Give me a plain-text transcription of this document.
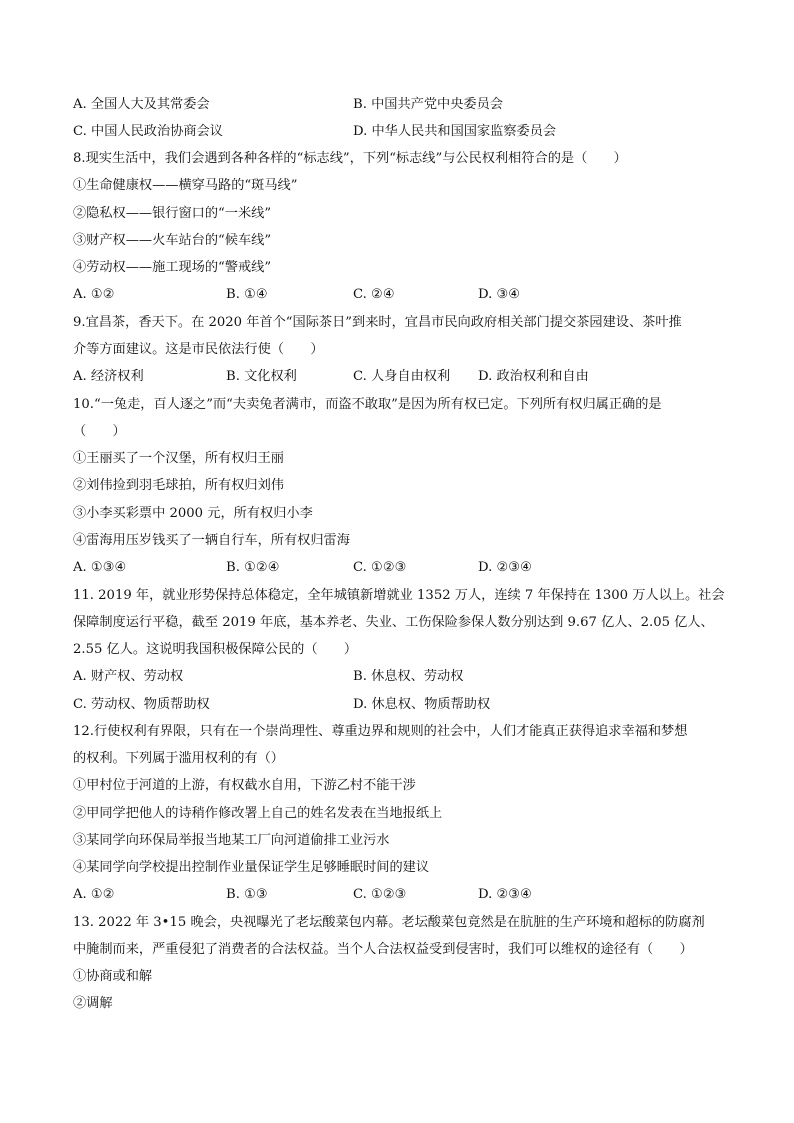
A. 全国人大及其常委会	B. 中国共产党中央委员会
C. 中国人民政治协商会议	D. 中华人民共和国国家监察委员会
8.现实生活中，我们会遇到各种各样的“标志线”，下列“标志线”与公民权利相符合的是（　　）
①生命健康权——横穿马路的“斑马线”
②隐私权——银行窗口的“一米线”
③财产权——火车站台的“候车线”
④劳动权——施工现场的“警戒线”
A. ①②	B. ①④	C. ②④	D. ③④
9.宜昌茶，香天下。在 2020 年首个“国际茶日”到来时，宜昌市民向政府相关部门提交茶园建设、茶叶推
介等方面建议。这是市民依法行使（　　）
A. 经济权利	B. 文化权利	C. 人身自由权利 D. 政治权利和自由
10.“一兔走，百人逐之”而“夫卖兔者满市，而盗不敢取”是因为所有权已定。下列所有权归属正确的是
（　　）
①王丽买了一个汉堡，所有权归王丽
②刘伟捡到羽毛球拍，所有权归刘伟
③小李买彩票中 2000 元，所有权归小李
④雷海用压岁钱买了一辆自行车，所有权归雷海
A. ①③④	B. ①②④	C. ①②③	D. ②③④
11. 2019 年，就业形势保持总体稳定，全年城镇新增就业 1352 万人，连续 7 年保持在 1300 万人以上。社会
保障制度运行平稳，截至 2019 年底，基本养老、失业、工伤保险参保人数分别达到 9.67 亿人、2.05 亿人、
2.55 亿人。这说明我国积极保障公民的（　　）
A. 财产权、劳动权	B. 休息权、劳动权
C. 劳动权、物质帮助权	D. 休息权、物质帮助权
12.行使权利有界限，只有在一个崇尚理性、尊重边界和规则的社会中，人们才能真正获得追求幸福和梦想
的权利。下列属于滥用权利的有（）
①甲村位于河道的上游，有权截水自用，下游乙村不能干涉
②甲同学把他人的诗稍作修改署上自己的姓名发表在当地报纸上
③某同学向环保局举报当地某工厂向河道偷排工业污水
④某同学向学校提出控制作业量保证学生足够睡眠时间的建议
A. ①②	B. ①③	C. ①②③	D. ②③④
13. 2022 年 3•15 晚会，央视曝光了老坛酸菜包内幕。老坛酸菜包竟然是在肮脏的生产环境和超标的防腐剂
中腌制而来，严重侵犯了消费者的合法权益。当个人合法权益受到侵害时，我们可以维权的途径有（　　）
①协商或和解
②调解
